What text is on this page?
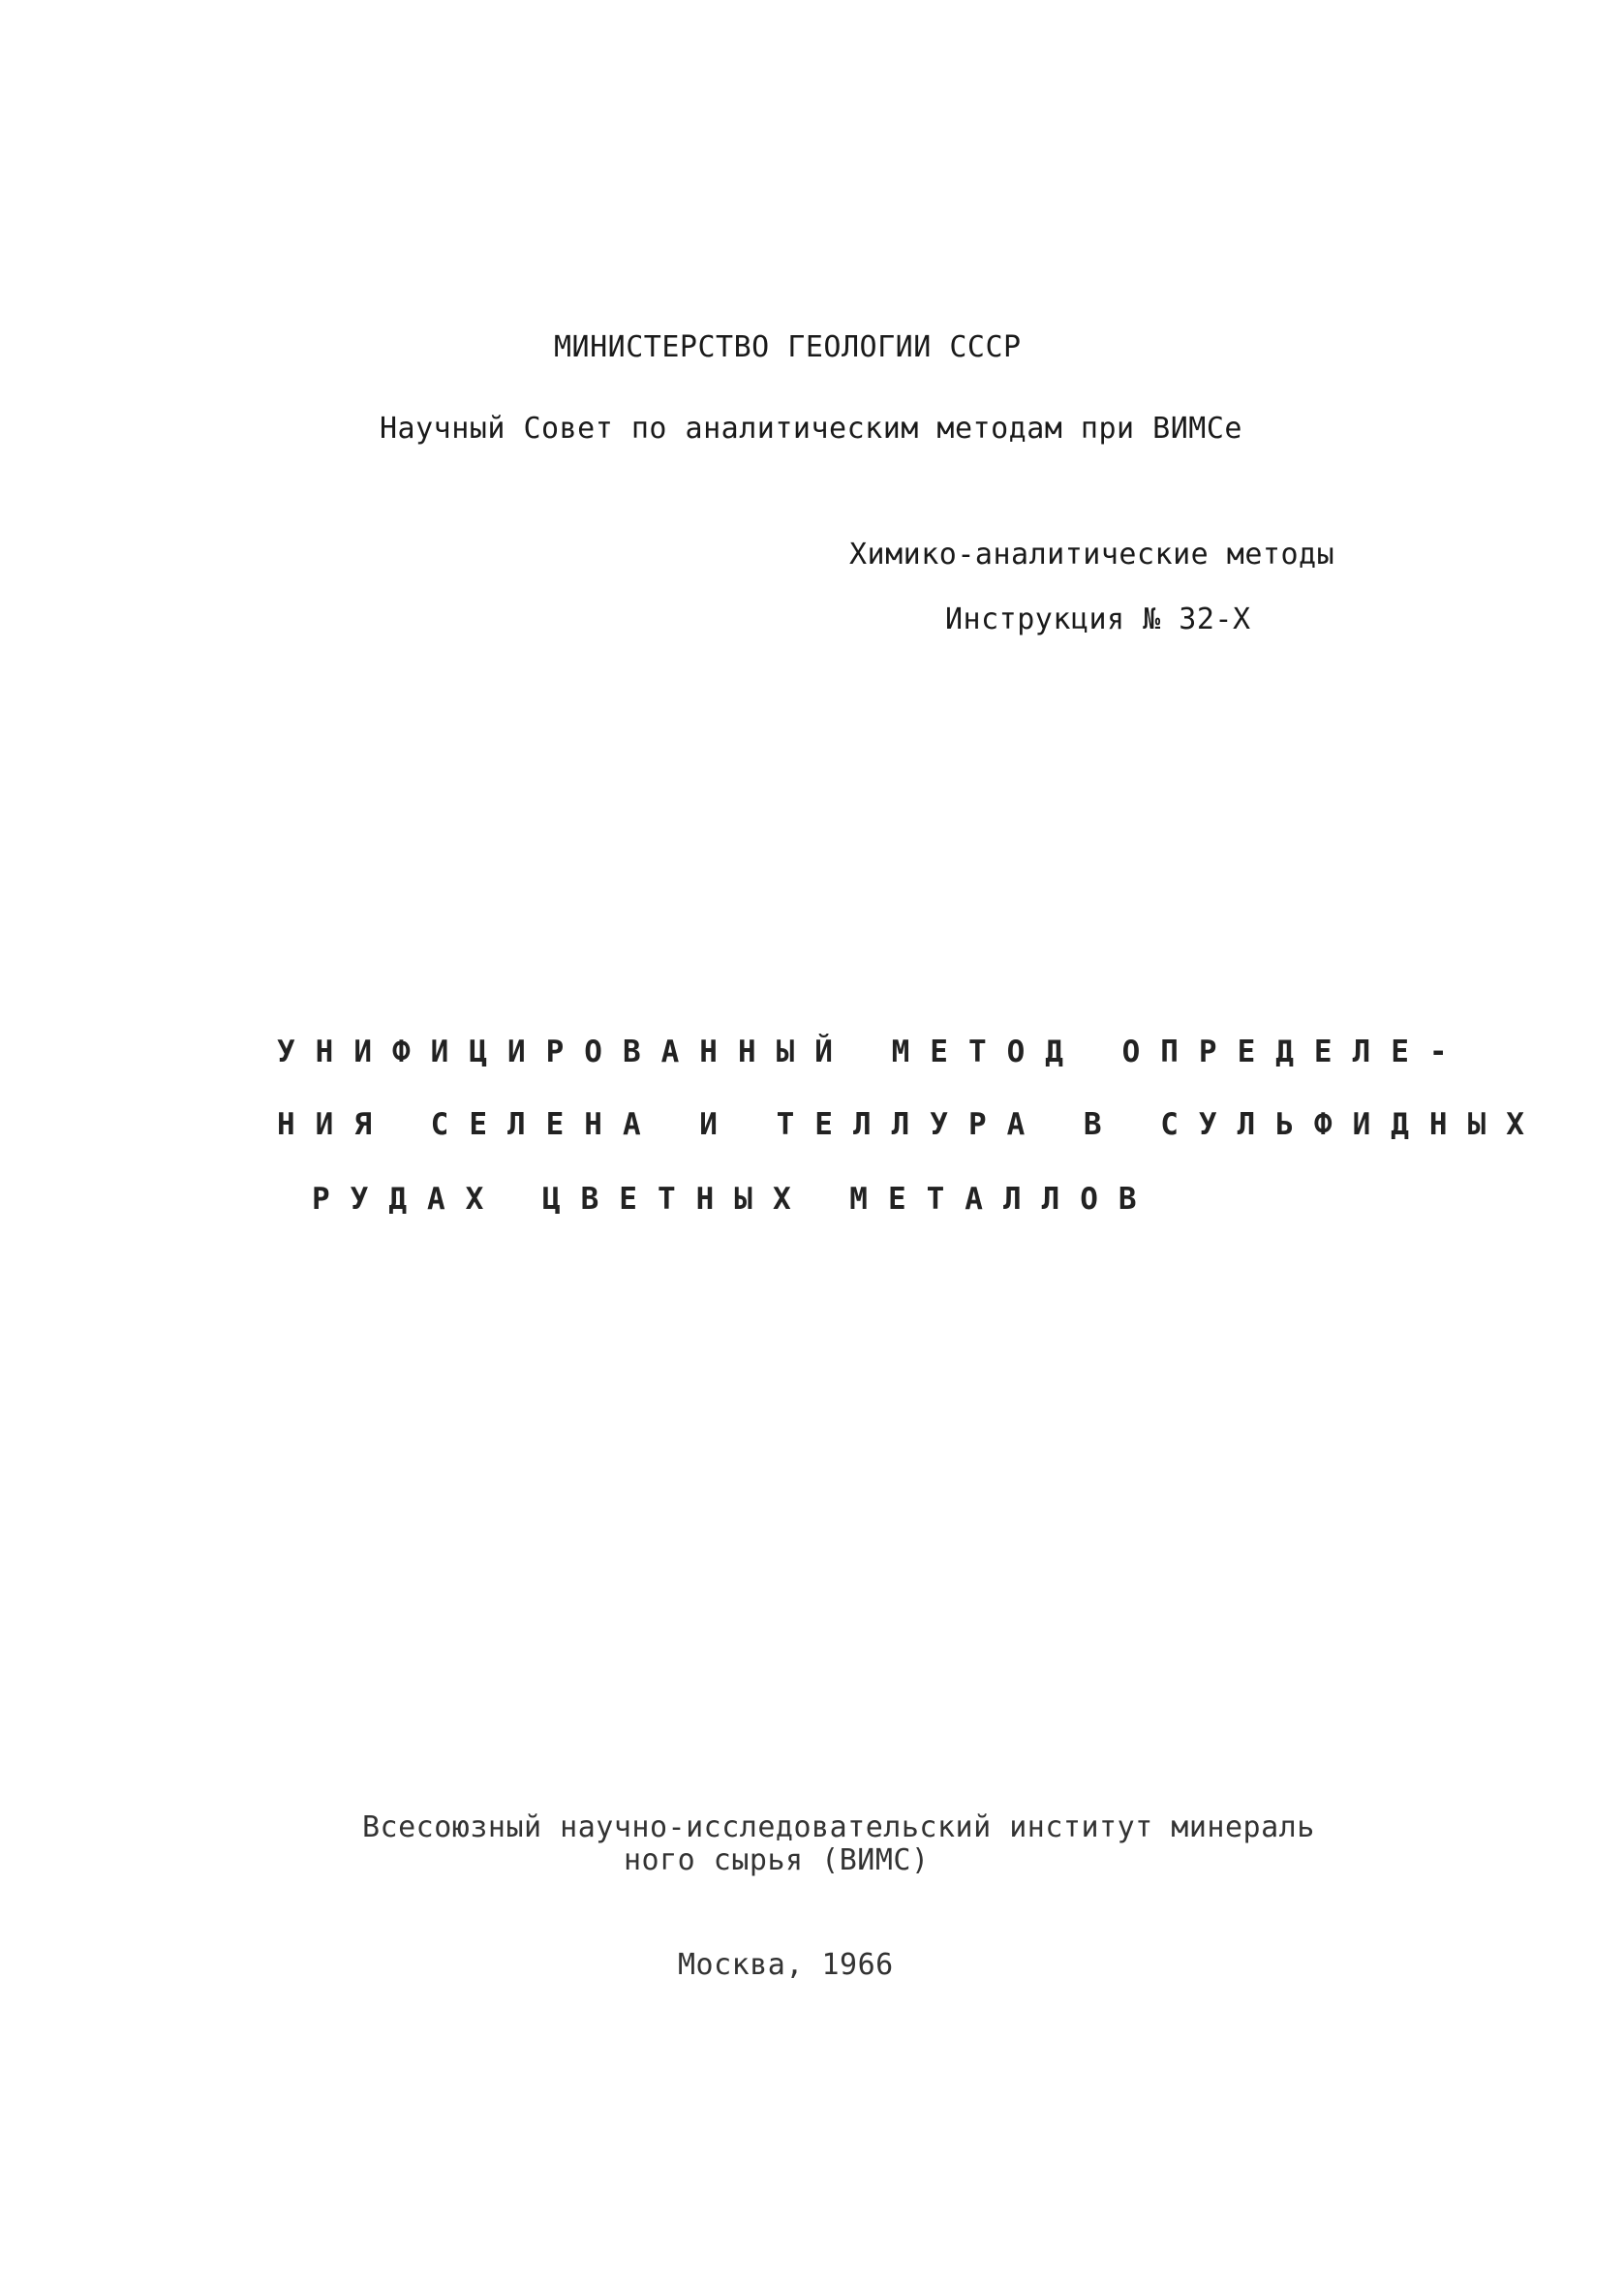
МИНИСТЕРСТВО ГЕОЛОГИИ СССР
Научный Совет по аналитическим методам при ВИМСе
Химико-аналитические методы
Инструкция № 32-Х
УНИФИЦИРОВАННЫЙ МЕТОД ОПРЕДЕЛЕ-
НИЯ СЕЛЕНА И ТЕЛЛУРА В СУЛЬФИДНЫХ
РУДАХ ЦВЕТНЫХ МЕТАЛЛОВ
Всесоюзный научно-исследовательский институт минераль
ного сырья (ВИМС)
Москва, 1966
